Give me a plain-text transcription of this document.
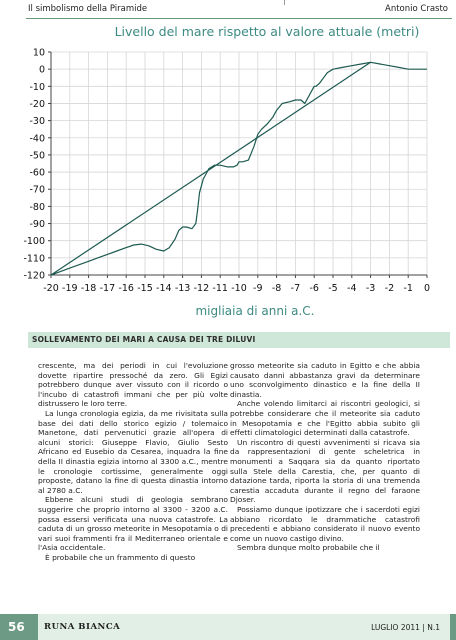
Il simbolismo della Piramide	Antonio Crasto
Livello del mare rispetto al valore attuale (metri)
10
0
-10
-20
-30
-40
-50
-60
-70
-80
-90
-100
-110
-120
-20 -19 -18 -17 -16 -15 -14 -13 -12 -11 -10 -9 -8 -7 -6 -5 -4 -3 -2 -1 0
migliaia di anni a.C.
SOLLEVAMENTO DEI MARI A CAUSA DEI TRE DILUVI

crescente, ma dei periodi in cui l'evoluzione dovette ripartire pressoché da zero. Gli Egizi potrebbero dunque aver vissuto con il ricordo o l'incubo di catastrofi immani che per più volte distrussero le loro terre.

La lunga cronologia egizia, da me rivisitata sulla base dei dati dello storico egizio / tolemaico Manetone, dati pervenutici grazie all'opera di alcuni storici: Giuseppe Flavio, Giulio Sesto Africano ed Eusebio da Cesarea, inquadra la fine della II dinastia egizia intorno al 3300 a.C., mentre le cronologie cortissime, generalmente oggi proposte, datano la fine di questa dinastia intorno al 2780 a.C.

Ebbene alcuni studi di geologia sembrano suggerire che proprio intorno al 3300 - 3200 a.C. possa essersi verificata una nuova catastrofe. La caduta di un grosso meteorite in Mesopotamia o di vari suoi frammenti fra il Mediterraneo orientale e l'Asia occidentale.

È probabile che un frammento di questo

grosso meteorite sia caduto in Egitto e che abbia causato danni abbastanza gravi da determinare uno sconvolgimento dinastico e la fine della II dinastia.

Anche volendo limitarci ai riscontri geologici, si potrebbe considerare che il meteorite sia caduto in Mesopotamia e che l'Egitto abbia subito gli effetti climatologici determinati dalla catastrofe.

Un riscontro di questi avvenimenti si ricava sia da rappresentazioni di gente scheletrica in monumenti a Saqqara sia da quanto riportato sulla Stele della Carestia, che, per quanto di datazione tarda, riporta la storia di una tremenda carestia accaduta durante il regno del faraone Djoser.

Possiamo dunque ipotizzare che i sacerdoti egizi abbiano ricordato le drammatiche catastrofi precedenti e abbiano considerato il nuovo evento come un nuovo castigo divino.

Sembra dunque molto probabile che il

56 RUNA BIANCA	LUGLIO 2011 | N.1
